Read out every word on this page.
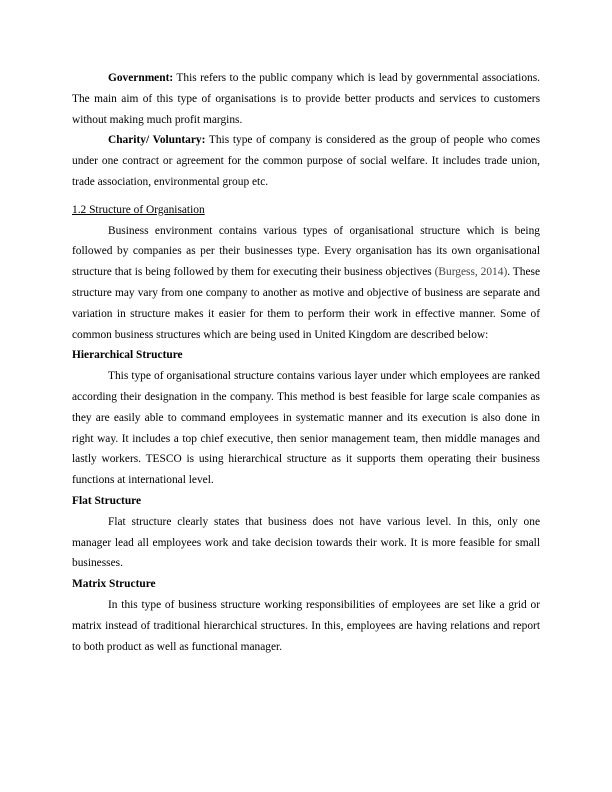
Government: This refers to the public company which is lead by governmental associations. The main aim of this type of organisations is to provide better products and services to customers without making much profit margins.

Charity/ Voluntary: This type of company is considered as the group of people who comes under one contract or agreement for the common purpose of social welfare. It includes trade union, trade association, environmental group etc.

1.2 Structure of Organisation

Business environment contains various types of organisational structure which is being followed by companies as per their businesses type. Every organisation has its own organisational structure that is being followed by them for executing their business objectives (Burgess, 2014). These structure may vary from one company to another as motive and objective of business are separate and variation in structure makes it easier for them to perform their work in effective manner. Some of common business structures which are being used in United Kingdom are described below:

Hierarchical Structure

This type of organisational structure contains various layer under which employees are ranked according their designation in the company. This method is best feasible for large scale companies as they are easily able to command employees in systematic manner and its execution is also done in right way. It includes a top chief executive, then senior management team, then middle manages and lastly workers. TESCO is using hierarchical structure as it supports them operating their business functions at international level.

Flat Structure

Flat structure clearly states that business does not have various level. In this, only one manager lead all employees work and take decision towards their work. It is more feasible for small businesses.

Matrix Structure

In this type of business structure working responsibilities of employees are set like a grid or matrix instead of traditional hierarchical structures. In this, employees are having relations and report to both product as well as functional manager.
